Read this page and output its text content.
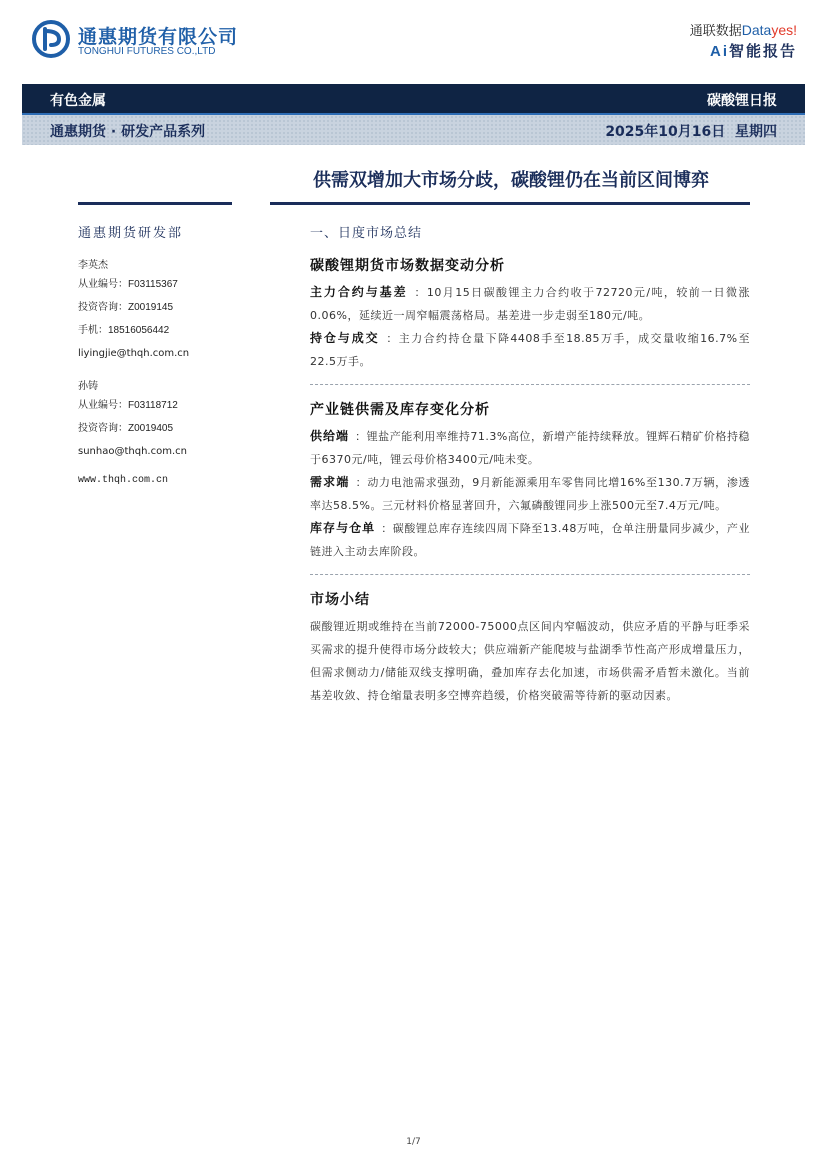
通惠期货有限公司
TONGHUI FUTURES CO.,LTD
通联数据Datayes!
Ai智能报告
有色金属	碳酸锂日报
通惠期货 · 研发产品系列	2025年10月16日 星期四
供需双增加大市场分歧，碳酸锂仍在当前区间博弈
通惠期货研发部
李英杰
从业编号：F03115367
投资咨询：Z0019145
手机：18516056442
liyingjie@thqh.com.cn
孙铸
从业编号：F03118712
投资咨询：Z0019405
sunhao@thqh.com.cn
www.thqh.com.cn
一、日度市场总结
碳酸锂期货市场数据变动分析

主力合约与基差 ：10月15日碳酸锂主力合约收于72720元/吨，较前一日微涨0.06%，延续近一周窄幅震荡格局。基差进一步走弱至180元/吨。

持仓与成交 ：主力合约持仓量下降4408手至18.85万手，成交量收缩16.7%至22.5万手。

产业链供需及库存变化分析

供给端 ：锂盐产能利用率维持71.3%高位，新增产能持续释放。锂辉石精矿价格持稳于6370元/吨，锂云母价格3400元/吨未变。

需求端 ：动力电池需求强劲，9月新能源乘用车零售同比增16%至130.7万辆，渗透率达58.5%。三元材料价格显著回升，六氟磷酸锂同步上涨500元至7.4万元/吨。

库存与仓单 ：碳酸锂总库存连续四周下降至13.48万吨，仓单注册量同步减少，产业链进入主动去库阶段。

市场小结

碳酸锂近期或维持在当前72000-75000点区间内窄幅波动，供应矛盾的平静与旺季采买需求的提升使得市场分歧较大；供应端新产能爬坡与盐湖季节性高产形成增量压力，但需求侧动力/储能双线支撑明确，叠加库存去化加速，市场供需矛盾暂未激化。当前基差收敛、持仓缩量表明多空博弈趋缓，价格突破需等待新的驱动因素。

1/7
